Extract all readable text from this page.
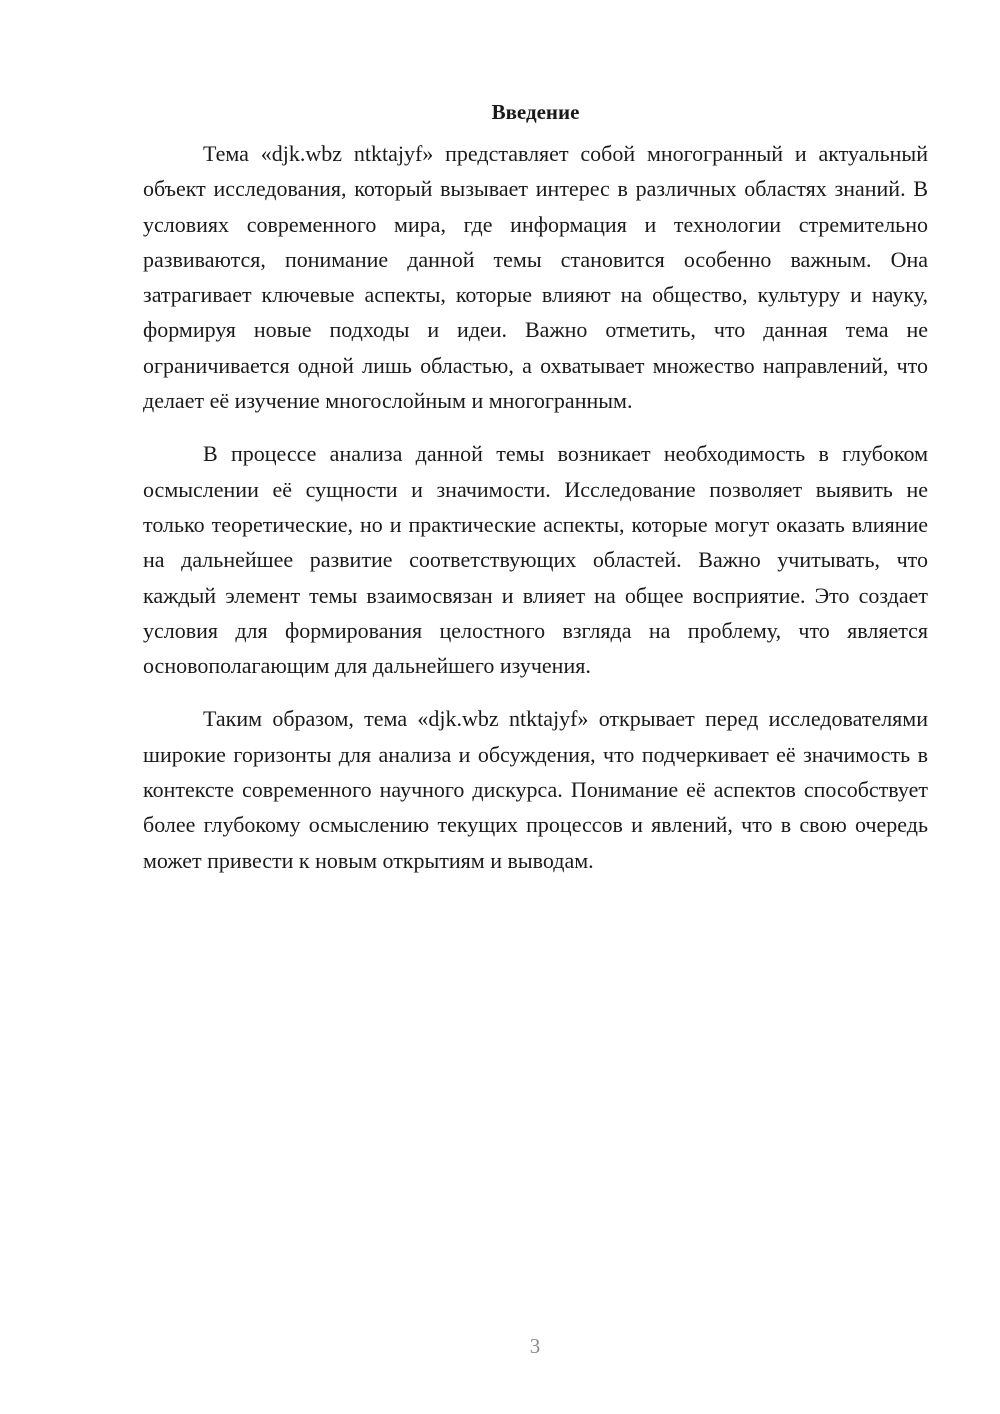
Введение

Тема «djk.wbz ntktajyf» представляет собой многогранный и актуальный объект исследования, который вызывает интерес в различных областях знаний. В условиях современного мира, где информация и технологии стремительно развиваются, понимание данной темы становится особенно важным. Она затрагивает ключевые аспекты, которые влияют на общество, культуру и науку, формируя новые подходы и идеи. Важно отметить, что данная тема не ограничивается одной лишь областью, а охватывает множество направлений, что делает её изучение многослойным и многогранным.

В процессе анализа данной темы возникает необходимость в глубоком осмыслении её сущности и значимости. Исследование позволяет выявить не только теоретические, но и практические аспекты, которые могут оказать влияние на дальнейшее развитие соответствующих областей. Важно учитывать, что каждый элемент темы взаимосвязан и влияет на общее восприятие. Это создает условия для формирования целостного взгляда на проблему, что является основополагающим для дальнейшего изучения.

Таким образом, тема «djk.wbz ntktajyf» открывает перед исследователями широкие горизонты для анализа и обсуждения, что подчеркивает её значимость в контексте современного научного дискурса. Понимание её аспектов способствует более глубокому осмыслению текущих процессов и явлений, что в свою очередь может привести к новым открытиям и выводам.

3
